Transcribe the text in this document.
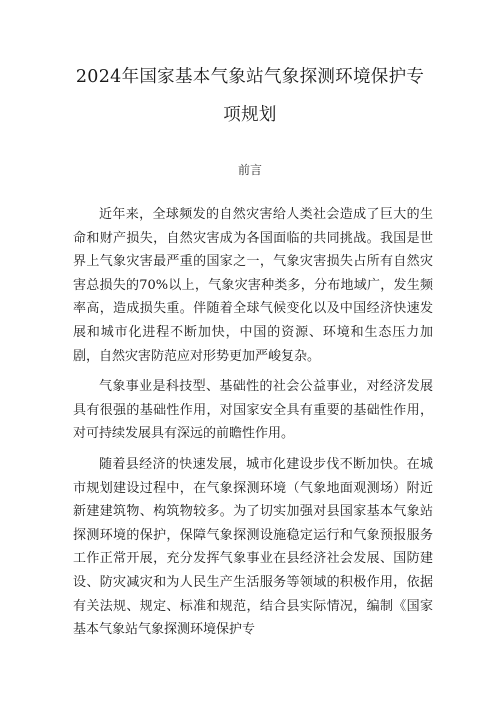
2024年国家基本气象站气象探测环境保护专
项规划
前言

近年来，全球频发的自然灾害给人类社会造成了巨大的生命和财产损失，自然灾害成为各国面临的共同挑战。我国是世界上气象灾害最严重的国家之一，气象灾害损失占所有自然灾害总损失的70%以上，气象灾害种类多，分布地域广，发生频率高，造成损失重。伴随着全球气候变化以及中国经济快速发展和城市化进程不断加快，中国的资源、环境和生态压力加剧，自然灾害防范应对形势更加严峻复杂。

气象事业是科技型、基础性的社会公益事业，对经济发展具有很强的基础性作用，对国家安全具有重要的基础性作用，对可持续发展具有深远的前瞻性作用。

随着县经济的快速发展，城市化建设步伐不断加快。在城市规划建设过程中，在气象探测环境（气象地面观测场）附近新建建筑物、构筑物较多。为了切实加强对县国家基本气象站探测环境的保护，保障气象探测设施稳定运行和气象预报服务工作正常开展，充分发挥气象事业在县经济社会发展、国防建设、防灾减灾和为人民生产生活服务等领域的积极作用，依据有关法规、规定、标准和规范，结合县实际情况，编制《国家基本气象站气象探测环境保护专
